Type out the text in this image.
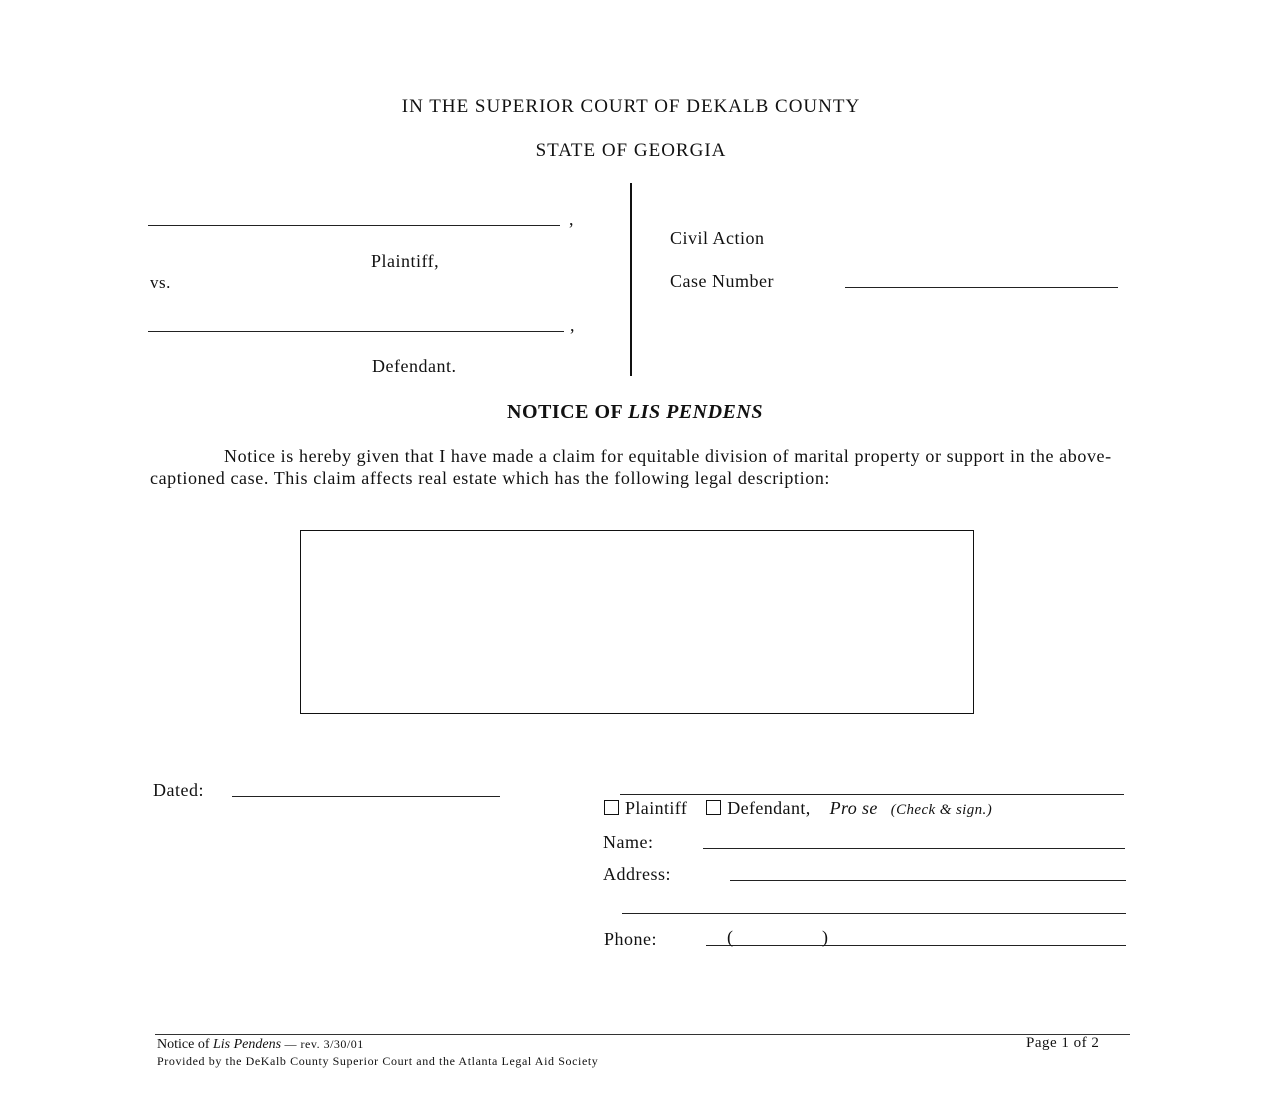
IN THE SUPERIOR COURT OF DEKALB COUNTY
STATE OF GEORGIA
,
Plaintiff,
vs.
,
Defendant.
Civil Action
Case Number
NOTICE OF LIS PENDENS
Notice is hereby given that I have made a claim for equitable division of marital property or support in the above-captioned case. This claim affects real estate which has the following legal description:
Dated:
Plaintiff Defendant, Pro se (Check & sign.)
Name:
Address:
Phone:	(	)
Notice of Lis Pendens — rev. 3/30/01
Provided by the DeKalb County Superior Court and the Atlanta Legal Aid Society
Page 1 of 2
